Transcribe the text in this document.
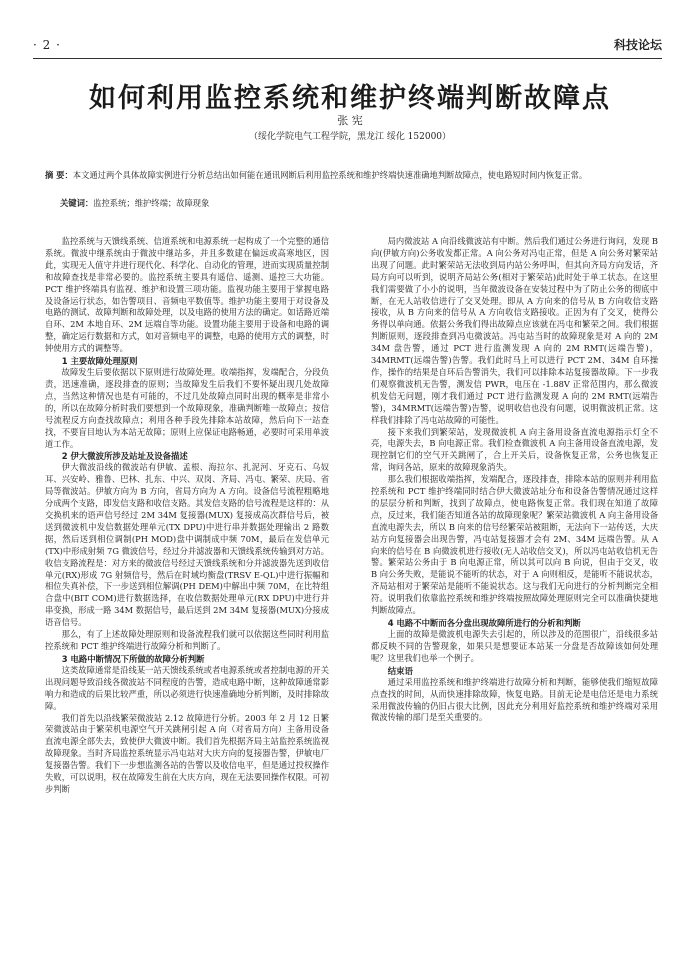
· 2 ·	科技论坛
如何利用监控系统和维护终端判断故障点
张 宪
（绥化学院电气工程学院，黑龙江 绥化 152000）
摘 要：本文通过两个具体故障实例进行分析总结出如何能在通讯网断后利用监控系统和维护终端快速准确地判断故障点，使电路短时间内恢复正常。
关键词：监控系统；维护终端；故障现象

监控系统与天馈线系统、信道系统和电源系统一起构成了一个完整的通信系统。微波中继系统由于微波中继站多，并且多数建在偏远或高寒地区，因此，实现无人值守并进行现代化、科学化、自动化的管理，进而实现质量控制和故障查找是非常必要的。监控系统主要具有遥信、遥测、遥控三大功能。PCT 维护终端具有监视、维护和设置三项功能。监视功能主要用于掌握电路及设备运行状态，如告警项目、音频电平数值等。维护功能主要用于对设备及电路的测试、故障判断和故障处理，以及电路的使用方法的确定。如话路近端自环、2M 本地自环、2M 远端自等功能。设置功能主要用于设备和电路的调整，确定运行数据和方式，如对音频电平的调整，电路的使用方式的调整，时钟使用方式的调整等。

1 主要故障处理原则

故障发生后要依据以下原则进行故障处理。收端指挥，发端配合，分段负责，迅速准确，逐段排查的原则；当故障发生后我们不要怀疑出现几处故障点，当然这种情况也是有可能的，不过几处故障点同时出现的概率是非常小的，所以在故障分析时我们要想到一个故障现象，准确判断唯一故障点；按信号流程反方向查找故障点；利用各种手段先排除本站故障，然后向下一站查找，不要盲目地认为本站无故障；原则上应保证电路畅通，必要时可采用单波道工作。

2 伊大微波所涉及站址及设备描述

伊大微波沿线的微波站有伊敏、孟根、海拉尔、扎泥河、牙克石、乌奴耳、兴安岭、雅鲁、巴林、扎东、中兴、双岗、齐局、冯屯、繁荣、庆局、省局等微波站。伊敏方向为 B 方向，省局方向为 A 方向。设备信号流程粗略地分成两个支路，即发信支路和收信支路。其发信支路的信号流程是这样的：从交换机来的语声信号经过 2M 34M 复接器(MUX) 复接成高次群信号后，被送到微波机中发信数据处理单元(TX DPU)中进行串并数据处理输出 2 路数据，然后送到相位调制(PH MOD)盘中调制成中频 70M，最后在发信单元(TX)中形成射频 7G 微波信号，经过分并滤波器和天馈线系统传输到对方站。收信支路流程是：对方来的微波信号经过天馈线系统和分并滤波器先送到收信单元(RX)形成 7G 射频信号，然后在时域均衡盘(TRSV E-QL)中进行振幅和相位失真补偿，下一步送到相位解调(PH DEM)中解出中频 70M，在比特组合盘中(BIT COM)进行数据选择，在收信数据处理单元(RX DPU)中进行并串变换，形成一路 34M 数据信号，最后送到 2M 34M 复接器(MUX)分接成语音信号。

那么，有了上述故障处理原则和设备流程我们就可以依据这些同时利用监控系统和 PCT 维护终端进行故障分析和判断了。

3 电路中断情况下所做的故障分析判断

这类故障通常是沿线某一站天馈线系统或者电源系统或者控制电源的开关出现问题导致沿线各微波站不同程度的告警，造成电路中断，这种故障通常影响力和造成的后果比较严重，所以必须进行快速准确地分析判断，及时排除故障。

我们首先以沿线繁荣微波站 2.12 故障进行分析。2003 年 2 月 12 日繁荣微波站由于繁荣机电源空气开关跳闸引起 A 向（对省局方向）主备用设备直流电源全部失去，致使伊大微波中断。我们首先根据齐局主站监控系统监视故障现象。当时齐局监控系统显示冯屯站对大庆方向的复接器告警，伊敏电厂复接器告警。我们下一步想监测各站的告警以及收信电平，但是通过投权操作失败，可以说明，权在故障发生前在大庆方向，现在无法要回操作权限。可初步判断

局内微波站 A 向沿线微波站有中断。然后我们通过公务进行询问，发现 B 向(伊敏方向)公务收发都正常。A 向公务对冯屯正常，但是 A 向公务对繁荣站出现了问题。此时繁荣站无法收到局内站公务呼叫，但其向齐局方向发话，齐局方向可以听到，说明齐局站公务(相对于繁荣站)此时处于单工状态。在这里我们需要做了小小的说明，当年微波设备在安装过程中为了防止公务的彻底中断，在无人站收信进行了交叉处理。即从 A 方向来的信号从 B 方向收信支路接收，从 B 方向来的信号从 A 方向收信支路接收。正因为有了交叉，使得公务得以单向通。依据公务我们得出故障点应该就在冯屯和繁荣之间。我们根据判断原则，逐段排查到冯屯微波站。冯屯站当时的故障现象是对 A 向的 2M 34M 盘告警，通过 PCT 进行监测发现 A 向的 2M RMT(远端告警)，34MRMT(远端告警)告警。我们此时马上可以进行 PCT 2M、34M 自环操作，操作的结果是自环后告警消失，我们可以排除本站复接器故障。下一步我们观察微波机无告警，测发信 PWR，电压在 -1.88V 正常范围内，那么微波机发信无问题，刚才我们通过 PCT 进行监测发现 A 向的 2M RMT(远端告警)，34MRMT(远端告警)告警，说明收信也没有问题，说明微波机正常。这样我们排除了冯屯站故障的可能性。

接下来我们到繁荣站，发现微波机 A 向主备用设备直流电源指示灯全不亮，电源失去，B 向电源正常。我们检查微波机 A 向主备用设备直流电源，发现控制它们的空气开关跳闸了，合上开关后，设备恢复正常，公务也恢复正常，询问各站，原来的故障现象消失。

那么我们根据收端指挥，发端配合，逐段排查，排除本站的原则并利用监控系统和 PCT 维护终端同时结合伊大微波站址分布和设备告警情况通过这样的层层分析和判断，找到了故障点，使电路恢复正常。我们现在知道了故障点，反过来，我们能否知道各站的故障现象呢？繁荣站微波机 A 向主备用设备直流电源失去，所以 B 向来的信号经繁荣站被阻断，无法向下一站传送，大庆站方向复接器会出现告警，冯屯站复接器才会有 2M、34M 远端告警。从 A 向来的信号在 B 向微波机进行接收(无人站收信交叉)，所以冯屯站收信机无告警。繁荣站公务由于 B 向电源正常，所以其可以向 B 向说，但由于交叉，收 B 向公务失败，是能说不能听的状态，对于 A 向则相反，是能听不能说状态，齐局站相对于繁荣站是能听不能说状态。这与我们无向进行的分析判断完全相符。说明我们依靠监控系统和维护终端按照故障处理原则完全可以准确快捷地判断故障点。

4 电路不中断而各分盘出现故障所进行的分析和判断

上面的故障是微波机电源失去引起的，所以涉及的范围很广，沿线很多站都反映不同的告警现象，如果只是想要证本站某一分盘是否故障该如何处理呢？这里我们也举一个例子。

结束语

通过采用监控系统和维护终端进行故障分析和判断，能够使我们缩短故障点查找的时间，从而快速排除故障，恢复电路。目前无论是电信还是电力系统采用微波传输的仍旧占很大比例，因此充分利用好监控系统和维护终端对采用微波传输的部门是至关重要的。
